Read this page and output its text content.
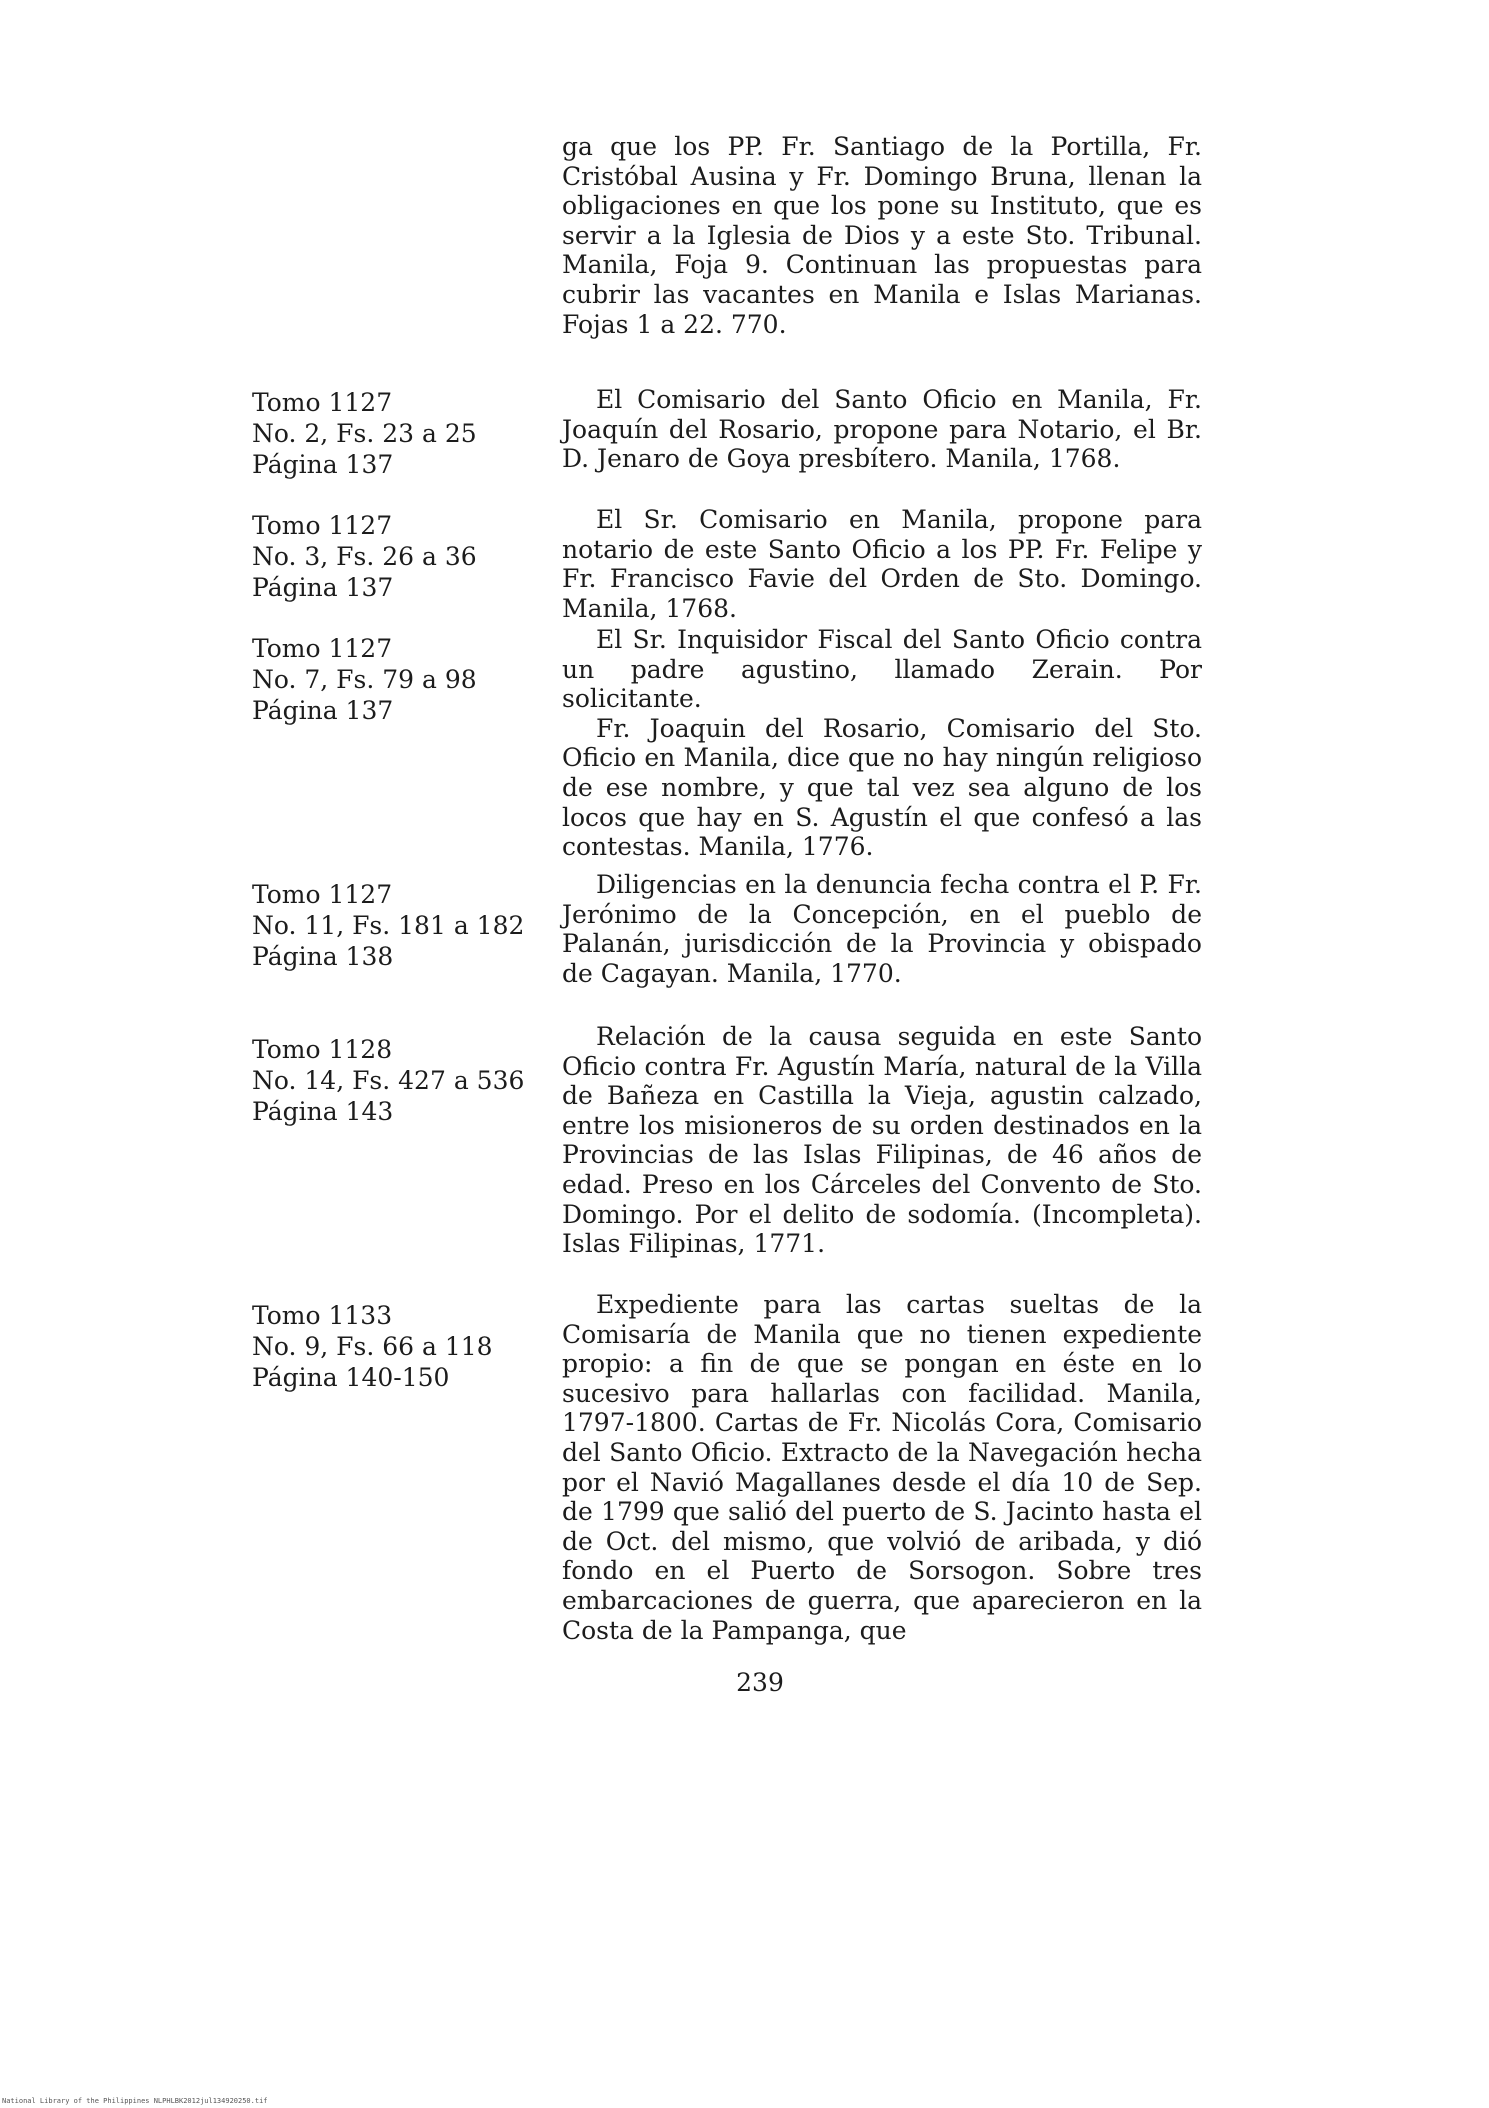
ga que los PP. Fr. Santiago de la Portilla, Fr. Cristóbal Ausina y Fr. Domingo Bruna, llenan la obligaciones en que los pone su Instituto, que es servir a la Iglesia de Dios y a este Sto. Tribunal. Manila, Foja 9. Continuan las propuestas para cubrir las vacantes en Manila e Islas Marianas. Fojas 1 a 22. 770.

Tomo 1127
No. 2, Fs. 23 a 25
Página 137

El Comisario del Santo Oficio en Manila, Fr. Joaquín del Rosario, propone para Notario, el Br. D. Jenaro de Goya presbítero. Manila, 1768.

Tomo 1127
No. 3, Fs. 26 a 36
Página 137

El Sr. Comisario en Manila, propone para notario de este Santo Oficio a los PP. Fr. Felipe y Fr. Francisco Favie del Orden de Sto. Domingo. Manila, 1768.

Tomo 1127
No. 7, Fs. 79 a 98
Página 137

El Sr. Inquisidor Fiscal del Santo Oficio contra un padre agustino, llamado Zerain. Por solicitante.

Fr. Joaquin del Rosario, Comisario del Sto. Oficio en Manila, dice que no hay ningún religioso de ese nombre, y que tal vez sea alguno de los locos que hay en S. Agustín el que confesó a las contestas. Manila, 1776.

Tomo 1127
No. 11, Fs. 181 a 182
Página 138

Diligencias en la denuncia fecha contra el P. Fr. Jerónimo de la Concepción, en el pueblo de Palanán, jurisdicción de la Provincia y obispado de Cagayan. Manila, 1770.

Tomo 1128
No. 14, Fs. 427 a 536
Página 143

Relación de la causa seguida en este Santo Oficio contra Fr. Agustín María, natural de la Villa de Bañeza en Castilla la Vieja, agustin calzado, entre los misioneros de su orden destinados en la Provincias de las Islas Filipinas, de 46 años de edad. Preso en los Cárceles del Convento de Sto. Domingo. Por el delito de sodomía. (Incompleta). Islas Filipinas, 1771.

Tomo 1133
No. 9, Fs. 66 a 118
Página 140-150

Expediente para las cartas sueltas de la Comisaría de Manila que no tienen expediente propio: a fin de que se pongan en éste en lo sucesivo para hallarlas con facilidad. Manila, 1797-1800. Cartas de Fr. Nicolás Cora, Comisario del Santo Oficio. Extracto de la Navegación hecha por el Navió Magallanes desde el día 10 de Sep. de 1799 que salió del puerto de S. Jacinto hasta el de Oct. del mismo, que volvió de aribada, y dió fondo en el Puerto de Sorsogon. Sobre tres embarcaciones de guerra, que aparecieron en la Costa de la Pampanga, que

239
National Library of the Philippines NLPHLBK2012jul134920250.tif
